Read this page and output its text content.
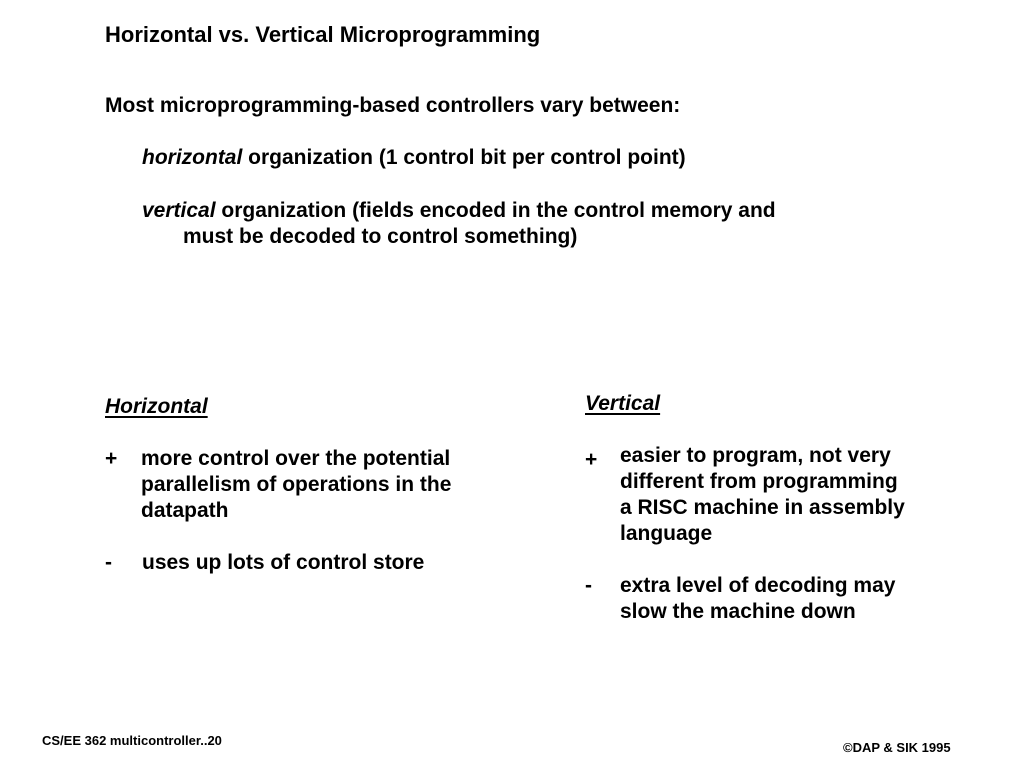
Horizontal vs. Vertical Microprogramming
Most microprogramming-based controllers vary between:
horizontal organization (1 control bit per control point)
vertical organization (fields encoded in the control memory and
must be decoded to control something)
Horizontal
+ more control over the potential
parallelism of operations in the
datapath
- uses up lots of control store
Vertical
+ easier to program, not very
different from programming
a RISC machine in assembly
language
- extra level of decoding may
slow the machine down
CS/EE 362 multicontroller..20	©DAP & SIK 1995
